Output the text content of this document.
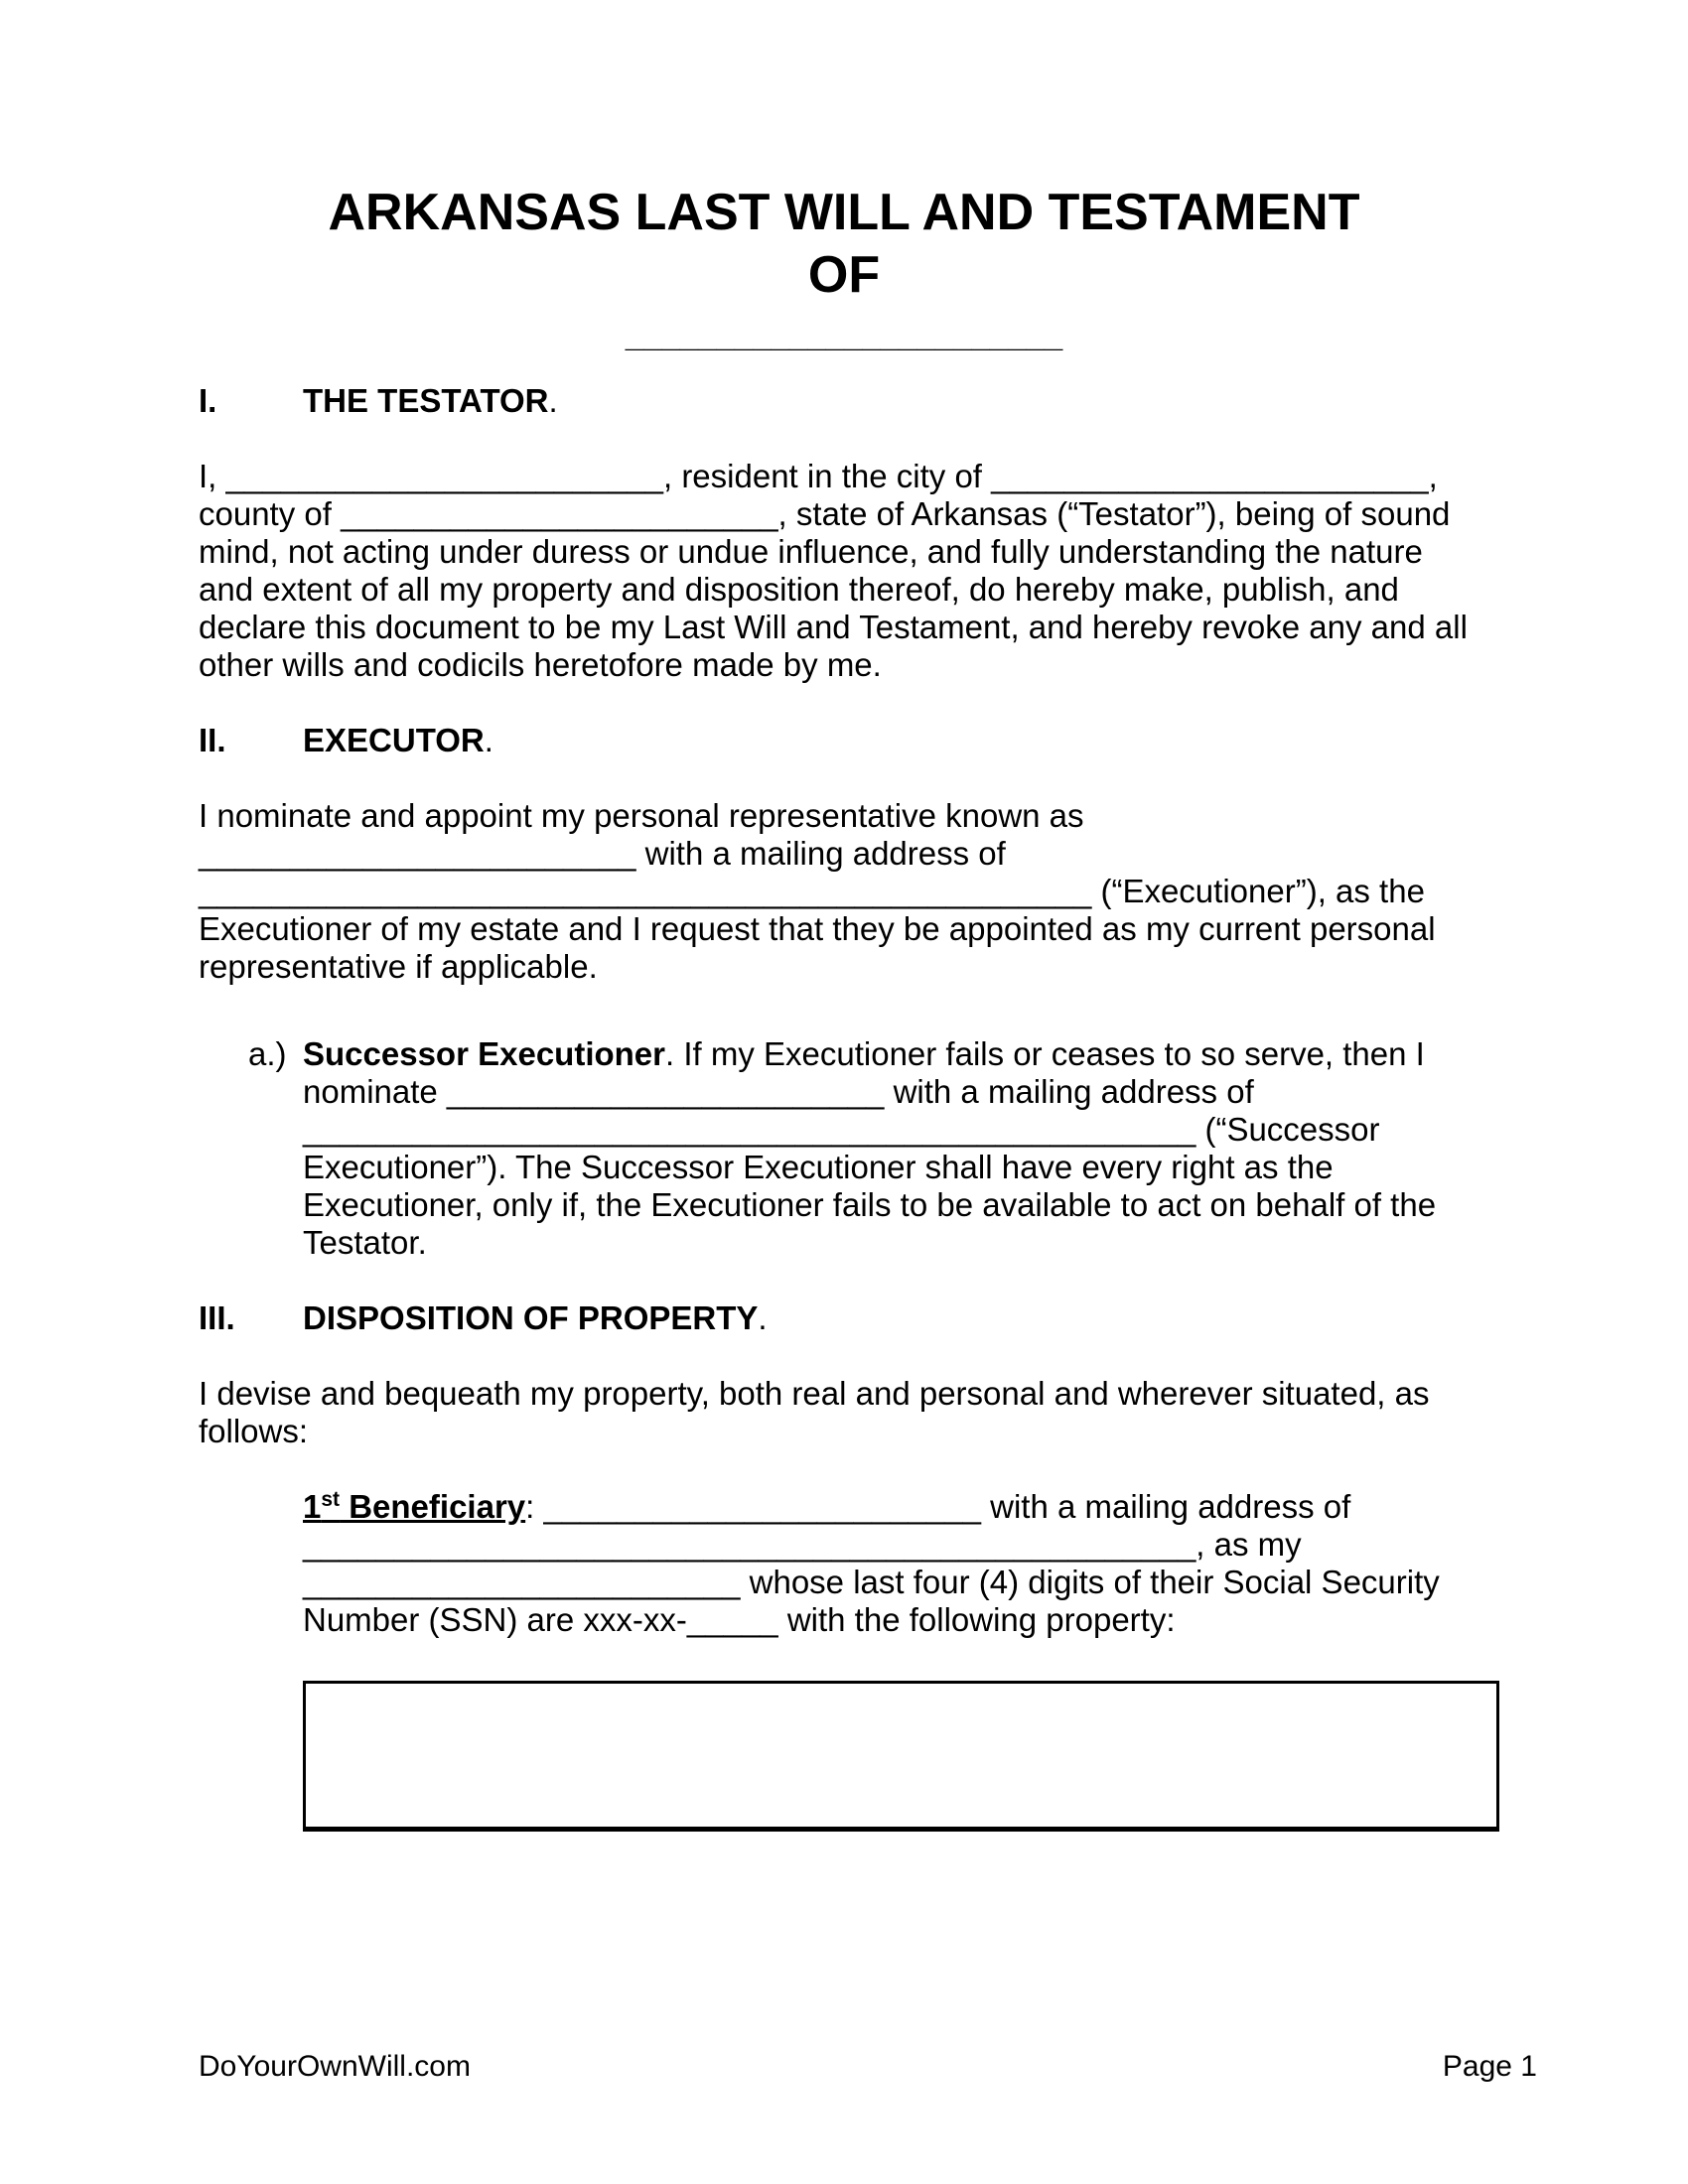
ARKANSAS LAST WILL AND TESTAMENT
OF
________________________
I.	THE TESTATOR.
I, ________________________, resident in the city of ________________________,
county of ________________________, state of Arkansas (“Testator”), being of sound
mind, not acting under duress or undue influence, and fully understanding the nature
and extent of all my property and disposition thereof, do hereby make, publish, and
declare this document to be my Last Will and Testament, and hereby revoke any and all
other wills and codicils heretofore made by me.
II.	EXECUTOR.
I nominate and appoint my personal representative known as
________________________ with a mailing address of
_________________________________________________ (“Executioner”), as the
Executioner of my estate and I request that they be appointed as my current personal
representative if applicable.
a.) Successor Executioner. If my Executioner fails or ceases to so serve, then I
nominate ________________________ with a mailing address of
_________________________________________________ (“Successor
Executioner”). The Successor Executioner shall have every right as the
Executioner, only if, the Executioner fails to be available to act on behalf of the
Testator.
III.	DISPOSITION OF PROPERTY.
I devise and bequeath my property, both real and personal and wherever situated, as
follows:
1st Beneficiary: ________________________ with a mailing address of
_________________________________________________, as my
________________________ whose last four (4) digits of their Social Security
Number (SSN) are xxx-xx-_____ with the following property:
DoYourOwnWill.com	Page 1
